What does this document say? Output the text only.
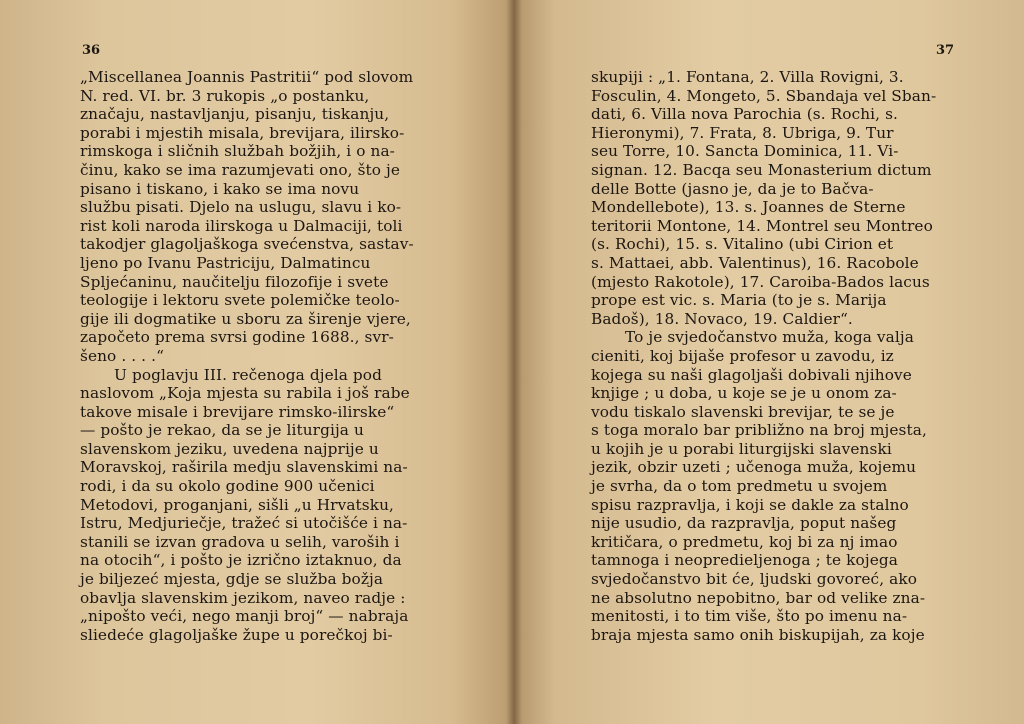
36
„Miscellanea Joannis Pastritii“ pod slovom
N. red. VI. br. 3 rukopis „o postanku,
značaju, nastavljanju, pisanju, tiskanju,
porabi i mjestih misala, brevijara, ilirsko-
rimskoga i sličnih službah božjih, i o na-
činu, kako se ima razumjevati ono, što je
pisano i tiskano, i kako se ima novu
službu pisati. Djelo na uslugu, slavu i ko-
rist koli naroda ilirskoga u Dalmaciji, toli
takodjer glagoljaškoga svećenstva, sastav-
ljeno po Ivanu Pastriciju, Dalmatincu
Spljećaninu, naučitelju filozofije i svete
teologije i lektoru svete polemičke teolo-
gije ili dogmatike u sboru za širenje vjere,
započeto prema svrsi godine 1688., svr-
šeno . . . .“
U poglavju III. rečenoga djela pod
naslovom „Koja mjesta su rabila i još rabe
takove misale i brevijare rimsko-ilirske“
— pošto je rekao, da se je liturgija u
slavenskom jeziku, uvedena najprije u
Moravskoj, raširila medju slavenskimi na-
rodi, i da su okolo godine 900 učenici
Metodovi, proganjani, sišli „u Hrvatsku,
Istru, Medjuriečje, tražeć si utočišće i na-
stanili se izvan gradova u selih, varoših i
na otocih“, i pošto je izrično iztaknuo, da
je biljezeć mjesta, gdje se služba božja
obavlja slavenskim jezikom, naveo radje :
„nipošto veći, nego manji broj“ — nabraja
sliedeće glagoljaške župe u porečkoj bi-
37
skupiji : „1. Fontana, 2. Villa Rovigni, 3.
Fosculin, 4. Mongeto, 5. Sbandaja vel Sban-
dati, 6. Villa nova Parochia (s. Rochi, s.
Hieronymi), 7. Frata, 8. Ubriga, 9. Tur
seu Torre, 10. Sancta Dominica, 11. Vi-
signan. 12. Bacqa seu Monasterium dictum
delle Botte (jasno je, da je to Bačva-
Mondellebote), 13. s. Joannes de Sterne
teritorii Montone, 14. Montrel seu Montreo
(s. Rochi), 15. s. Vitalino (ubi Cirion et
s. Mattaei, abb. Valentinus), 16. Racobole
(mjesto Rakotole), 17. Caroiba-Bados lacus
prope est vic. s. Maria (to je s. Marija
Badoš), 18. Novaco, 19. Caldier“.
To je svjedočanstvo muža, koga valja
cieniti, koj bijaše profesor u zavodu, iz
kojega su naši glagoljaši dobivali njihove
knjige ; u doba, u koje se je u onom za-
vodu tiskalo slavenski brevijar, te se je
s toga moralo bar približno na broj mjesta,
u kojih je u porabi liturgijski slavenski
jezik, obzir uzeti ; učenoga muža, kojemu
je svrha, da o tom predmetu u svojem
spisu razpravlja, i koji se dakle za stalno
nije usudio, da razpravlja, poput našeg
kritičara, o predmetu, koj bi za nj imao
tamnoga i neopredieljenoga ; te kojega
svjedočanstvo bit će, ljudski govoreć, ako
ne absolutno nepobitno, bar od velike zna-
menitosti, i to tim više, što po imenu na-
braja mjesta samo onih biskupijah, za koje
